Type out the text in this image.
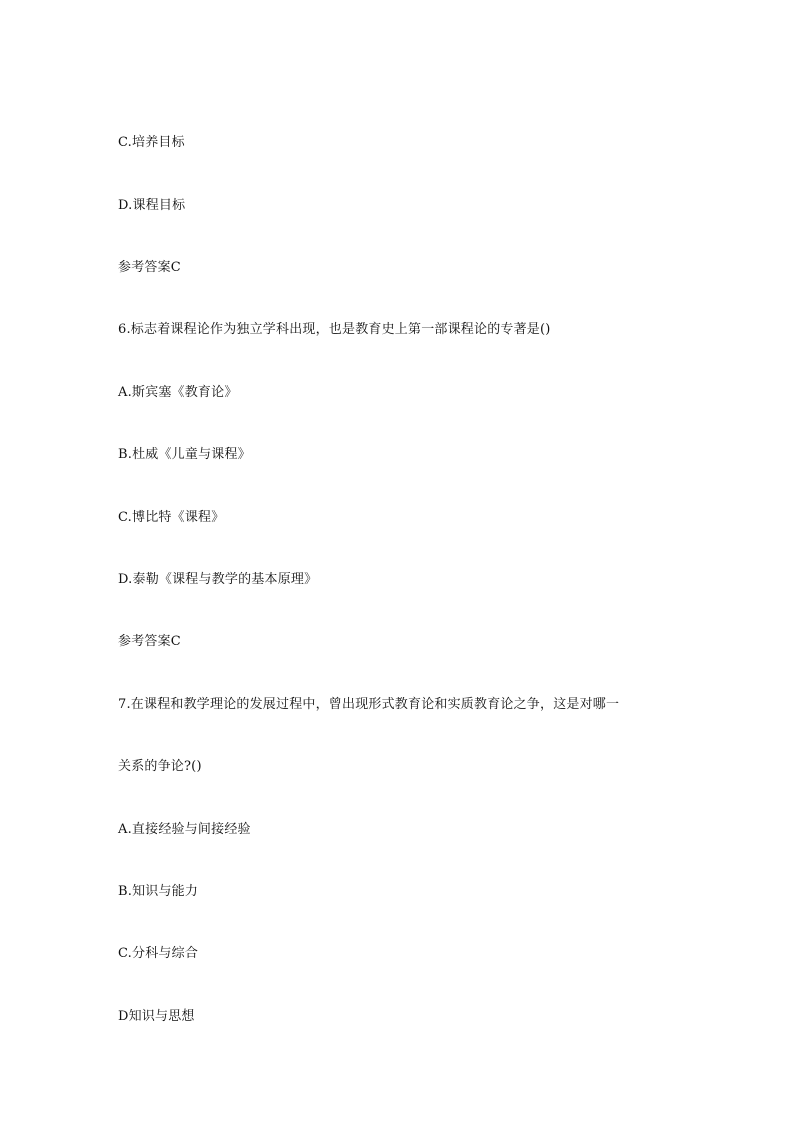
C.培养目标
D.课程目标
参考答案C
6.标志着课程论作为独立学科出现，也是教育史上第一部课程论的专著是()
A.斯宾塞《教育论》
B.杜威《儿童与课程》
C.博比特《课程》
D.泰勒《课程与教学的基本原理》
参考答案C
7.在课程和教学理论的发展过程中，曾出现形式教育论和实质教育论之争，这是对哪一
关系的争论?()
A.直接经验与间接经验
B.知识与能力
C.分科与综合
D知识与思想
